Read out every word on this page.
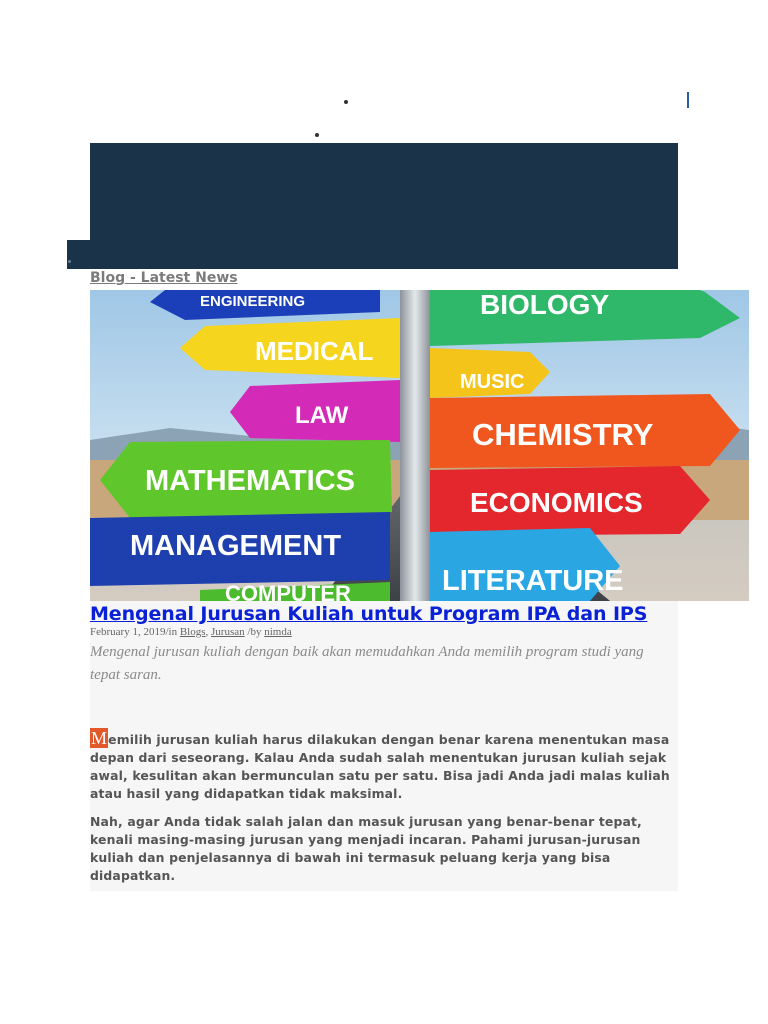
Blog - Latest News
ENGINEERING
MEDICAL
LAW
MATHEMATICS
MANAGEMENT
COMPUTER
BIOLOGY
MUSIC
CHEMISTRY
ECONOMICS
LITERATURE
Mengenal Jurusan Kuliah untuk Program IPA dan IPS
February 1, 2019/in Blogs, Jurusan /by nimda
Mengenal jurusan kuliah dengan baik akan memudahkan Anda memilih program studi yang tepat saran.
Memilih jurusan kuliah harus dilakukan dengan benar karena menentukan masa depan dari seseorang. Kalau Anda sudah salah menentukan jurusan kuliah sejak awal, kesulitan akan bermunculan satu per satu. Bisa jadi Anda jadi malas kuliah atau hasil yang didapatkan tidak maksimal.
Nah, agar Anda tidak salah jalan dan masuk jurusan yang benar-benar tepat, kenali masing-masing jurusan yang menjadi incaran. Pahami jurusan-jurusan kuliah dan penjelasannya di bawah ini termasuk peluang kerja yang bisa didapatkan.
